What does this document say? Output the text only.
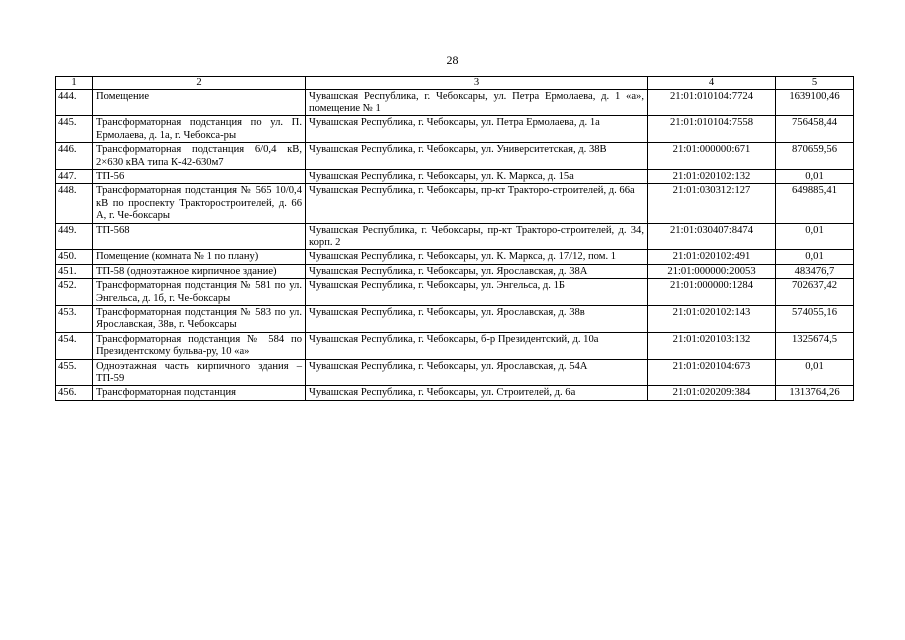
28
1	2	3	4	5
444.	Помещение	Чувашская Республика, г. Чебоксары, ул. Петра Ермолаева, д. 1 «а», помещение № 1	21:01:010104:7724	1639100,46
445.	Трансформаторная подстанция по ул. П. Ермолаева, д. 1а, г. Чебокса-ры	Чувашская Республика, г. Чебоксары, ул. Петра Ермолаева, д. 1а	21:01:010104:7558	756458,44
446.	Трансформаторная подстанция 6/0,4 кВ, 2×630 кВА типа К-42-630м7	Чувашская Республика, г. Чебоксары, ул. Университетская, д. 38В	21:01:000000:671	870659,56
447.	ТП-56	Чувашская Республика, г. Чебоксары, ул. К. Маркса, д. 15а	21:01:020102:132	0,01
448.	Трансформаторная подстанция № 565 10/0,4 кВ по проспекту Тракторостроителей, д. 66 А, г. Че-боксары	Чувашская Республика, г. Чебоксары, пр-кт Тракторо-строителей, д. 66а	21:01:030312:127	649885,41
449.	ТП-568	Чувашская Республика, г. Чебоксары, пр-кт Тракторо-строителей, д. 34, корп. 2	21:01:030407:8474	0,01
450.	Помещение (комната № 1 по плану)	Чувашская Республика, г. Чебоксары, ул. К. Маркса, д. 17/12, пом. 1	21:01:020102:491	0,01
451.	ТП-58 (одноэтажное кирпичное здание)	Чувашская Республика, г. Чебоксары, ул. Ярославская, д. 38А	21:01:000000:20053	483476,7
452.	Трансформаторная подстанция № 581 по ул. Энгельса, д. 1б, г. Че-боксары	Чувашская Республика, г. Чебоксары, ул. Энгельса, д. 1Б	21:01:000000:1284	702637,42
453.	Трансформаторная подстанция № 583 по ул. Ярославская, 38в, г. Чебоксары	Чувашская Республика, г. Чебоксары, ул. Ярославская, д. 38в	21:01:020102:143	574055,16
454.	Трансформаторная подстанция № 584 по Президентскому бульва-ру, 10 «а»	Чувашская Республика, г. Чебоксары, б-р Президентский, д. 10а	21:01:020103:132	1325674,5
455.	Одноэтажная часть кирпичного здания – ТП-59	Чувашская Республика, г. Чебоксары, ул. Ярославская, д. 54А	21:01:020104:673	0,01
456.	Трансформаторная подстанция	Чувашская Республика, г. Чебоксары, ул. Строителей, д. 6а	21:01:020209:384	1313764,26
